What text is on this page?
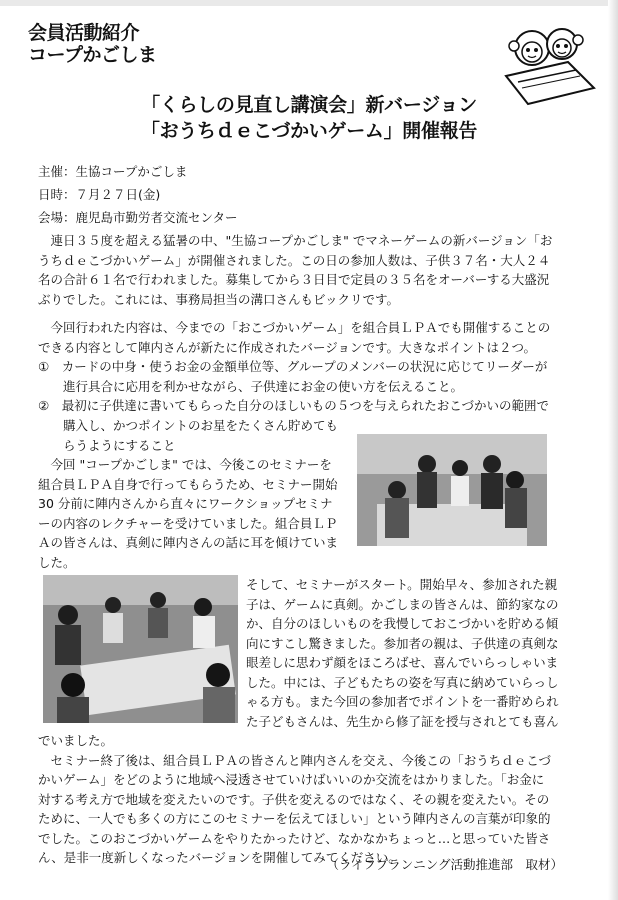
会員活動紹介
コープかごしま
「くらしの見直し講演会」新バージョン
「おうちｄｅこづかいゲーム」開催報告
主催：生協コープかごしま
日時：７月２７日(金)
会場：鹿児島市勤労者交流センター
　連日３５度を超える猛暑の中、"生協コープかごしま" でマネーゲームの新バージョン「お
うちｄｅこづかいゲーム」が開催されました。この日の参加人数は、子供３７名・大人２４
名の合計６１名で行われました。募集してから３日目で定員の３５名をオーバーする大盛況
ぶりでした。これには、事務局担当の溝口さんもビックリです。
　今回行われた内容は、今までの「おこづかいゲーム」を組合員ＬＰＡでも開催することの
できる内容として陣内さんが新たに作成されたバージョンです。大きなポイントは２つ。
①　カードの中身・使うお金の金額単位等、グループのメンバーの状況に応じてリーダーが
　　進行具合に応用を利かせながら、子供達にお金の使い方を伝えること。
②　最初に子供達に書いてもらった自分のほしいもの５つを与えられたおこづかいの範囲で
　　購入し、かつポイントのお星をたくさん貯めても
　　らうようにすること
　今回 "コープかごしま" では、今後このセミナーを
組合員ＬＰＡ自身で行ってもらうため、セミナー開始
30 分前に陣内さんから直々にワークショップセミナ
ーの内容のレクチャーを受けていました。組合員ＬＰ
Ａの皆さんは、真剣に陣内さんの話に耳を傾けていま
した。
そして、セミナーがスタート。開始早々、参加された親
子は、ゲームに真剣。かごしまの皆さんは、節約家なの
か、自分のほしいものを我慢しておこづかいを貯める傾
向にすこし驚きました。参加者の親は、子供達の真剣な
眼差しに思わず顔をほころばせ、喜んでいらっしゃいま
した。中には、子どもたちの姿を写真に納めていらっし
ゃる方も。また今回の参加者でポイントを一番貯められ
た子どもさんは、先生から修了証を授与されとても喜ん
でいました。
　セミナー終了後は、組合員ＬＰＡの皆さんと陣内さんを交え、今後この「おうちｄｅこづ
かいゲーム」をどのように地域へ浸透させていけばいいのか交流をはかりました。「お金に
対する考え方で地域を変えたいのです。子供を変えるのではなく、その親を変えたい。その
ために、一人でも多くの方にこのセミナーを伝えてほしい」という陣内さんの言葉が印象的
でした。このおこづかいゲームをやりたかったけど、なかなかちょっと…と思っていた皆さ
ん、是非一度新しくなったバージョンを開催してみてください。
（ライフプランニング活動推進部　取材）
